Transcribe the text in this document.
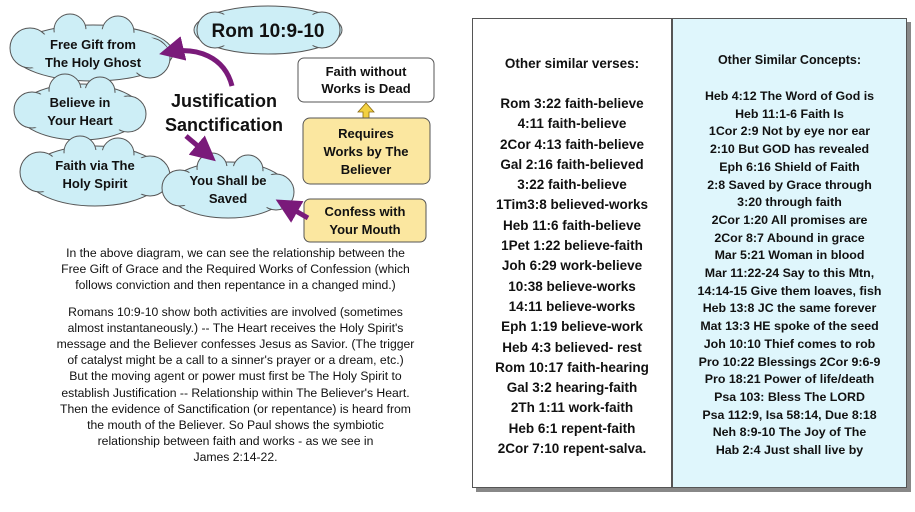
Rom 10:9-10
Free Gift from
The Holy Ghost
Believe in
Your Heart
Faith via The
Holy Spirit	You Shall be
Saved
Justification
Sanctification
Faith without
Works is Dead
Requires
Works by The
Believer
Confess with
Your Mouth

In the above diagram, we can see the relationship between the
Free Gift of Grace and the Required Works of Confession (which
follows conviction and then repentance in a changed mind.)

Romans 10:9-10 show both activities are involved (sometimes
almost instantaneously.) -- The Heart receives the Holy Spirit's
message and the Believer confesses Jesus as Savior. (The trigger
of catalyst might be a call to a sinner's prayer or a dream, etc.)
But the moving agent or power must first be The Holy Spirit to
establish Justification -- Relationship within The Believer's Heart.
Then the evidence of Sanctification (or repentance) is heard from
the mouth of the Believer. So Paul shows the symbiotic
relationship between faith and works - as we see in
James 2:14-22.

Other similar verses:
Rom 3:22 faith-believe
4:11 faith-believe
2Cor 4:13 faith-believe
Gal 2:16 faith-believed
3:22 faith-believe
1Tim3:8 believed-works
Heb 11:6 faith-believe
1Pet 1:22 believe-faith
Joh 6:29 work-believe
10:38 believe-works
14:11 believe-works
Eph 1:19 believe-work
Heb 4:3 believed- rest
Rom 10:17 faith-hearing
Gal 3:2 hearing-faith
2Th 1:11 work-faith
Heb 6:1 repent-faith
2Cor 7:10 repent-salva.
Other Similar Concepts:
Heb 4:12 The Word of God is
Heb 11:1-6 Faith Is
1Cor 2:9 Not by eye nor ear
2:10 But GOD has revealed
Eph 6:16 Shield of Faith
2:8 Saved by Grace through
3:20 through faith
2Cor 1:20 All promises are
2Cor 8:7 Abound in grace
Mar 5:21 Woman in blood
Mar 11:22-24 Say to this Mtn,
14:14-15 Give them loaves, fish
Heb 13:8 JC the same forever
Mat 13:3 HE spoke of the seed
Joh 10:10 Thief comes to rob
Pro 10:22 Blessings 2Cor 9:6-9
Pro 18:21 Power of life/death
Psa 103: Bless The LORD
Psa 112:9, Isa 58:14, Due 8:18
Neh 8:9-10 The Joy of The
Hab 2:4 Just shall live by
